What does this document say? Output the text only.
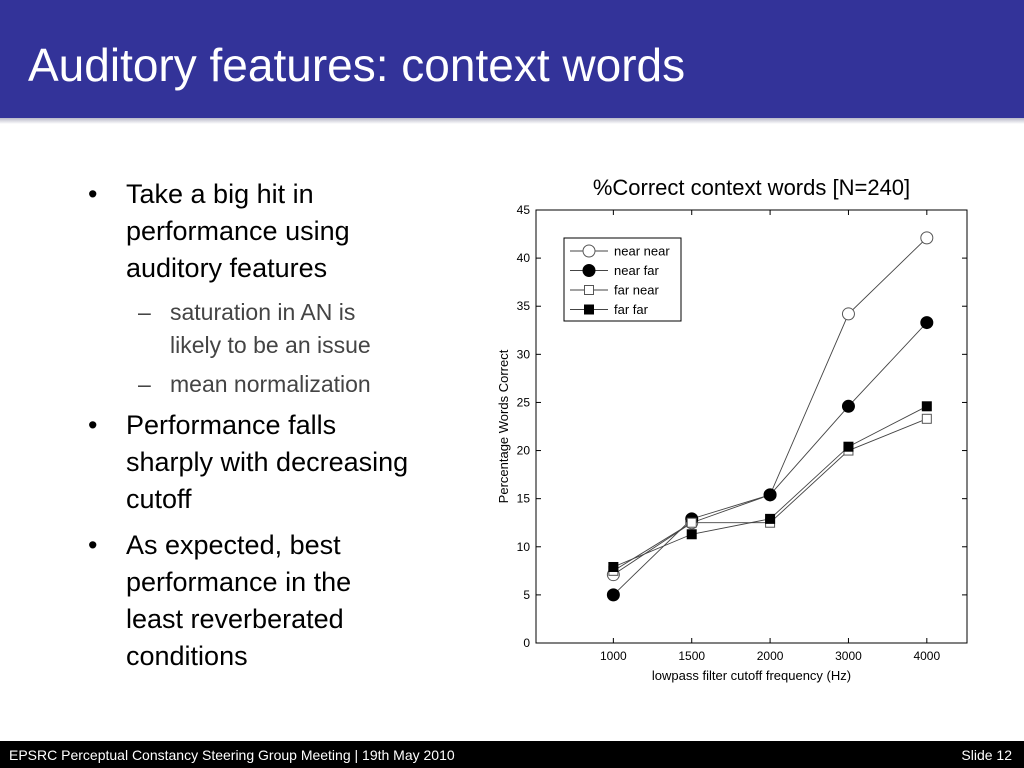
Auditory features: context words
• Take a big hit in
performance using
auditory features
– saturation in AN is
likely to be an issue
– mean normalization
• Performance falls
sharply with decreasing
cutoff
• As expected, best
performance in the
least reverberated
conditions
%Correct context words [N=240]
0
5
10
15
20
25
30
35
40
45
1000	1500	2000	3000	4000
lowpass filter cutoff frequency (Hz)
Percentage Words Correct
near near
near far
far near
far far
EPSRC Perceptual Constancy Steering Group Meeting | 19th May 2010	Slide 12
